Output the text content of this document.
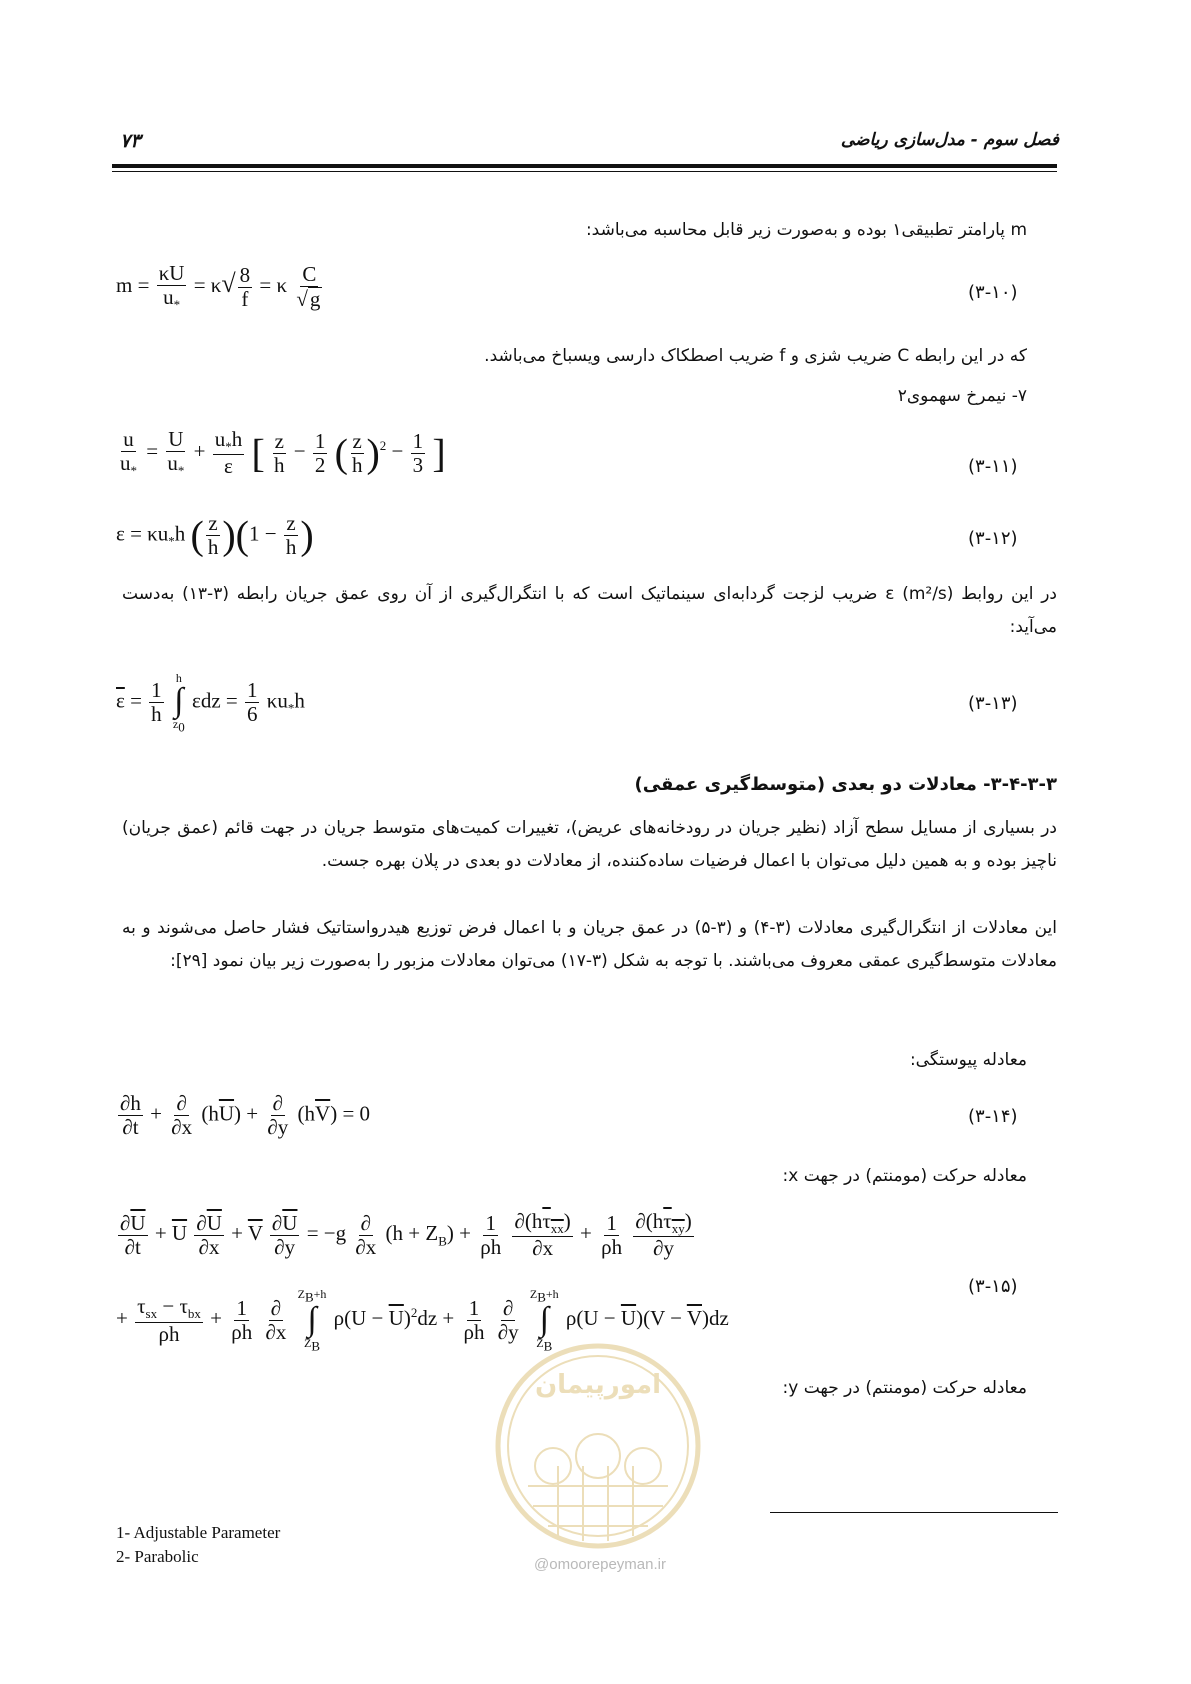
۷۳	فصل سوم - مدل‌سازی ریاضی
m پارامتر تطبیقی۱ بوده و به‌صورت زیر قابل محاسبه می‌باشد:
$m = \frac{\kappa U}{u_*} = \kappa√ \frac{8}{f} = \kappa \frac{C}{√g}$	(۳-۱۰)
که در این رابطه C ضریب شزی و f ضریب اصطکاک دارسی ویسباخ می‌باشد.
۷- نیمرخ سهموی۲
$\frac{u}{u_*} = \frac{U}{u_*} + \frac{u_*h}{\varepsilon}$ [ $\frac{z}{h} - \frac{1}{2}$ ( $\frac{z}{h} )^2 - \frac{1}{3}$ ]	(۳-۱۱)
$\varepsilon = \kappa u_*h$ ( $\frac{z}{h} )(1 - \frac{z}{h}$ )	(۳-۱۲)
در این روابط ε (m²/s) ضریب لزجت گردابه‌ای سینماتیک است که با انتگرال‌گیری از آن روی عمق جریان رابطه (۳-۱۳) به‌دست می‌آید:
$\overline{\varepsilon} = \frac{1}{h}$

h
∫
$z_0$
$\varepsilon dz = \frac{1}{6} \kappa u_*h$	(۳-۱۳)
۳-۴-۳-۳- معادلات دو بعدی (متوسط‌گیری عمقی)
در بسیاری از مسایل سطح آزاد (نظیر جریان در رودخانه‌های عریض)، تغییرات کمیت‌های متوسط جریان در جهت قائم (عمق جریان) ناچیز بوده و به همین دلیل می‌توان با اعمال فرضیات ساده‌کننده، از معادلات دو بعدی در پلان بهره جست.
این معادلات از انتگرال‌گیری معادلات (۳-۴) و (۳-۵) در عمق جریان و با اعمال فرض توزیع هیدرواستاتیک فشار حاصل می‌شوند و به معادلات متوسط‌گیری عمقی معروف می‌باشند. با توجه به شکل (۳-۱۷) می‌توان معادلات مزبور را به‌صورت زیر بیان نمود [۲۹]:
معادله پیوستگی:
$\frac{\partial h}{\partial t} + \frac{\partial}{\partial x} (h\overline{U}) + \frac{\partial}{\partial y} (h\overline{V}) = 0$	(۳-۱۴)
معادله حرکت (مومنتم) در جهت x:
$\frac{\partial\overline{U}}{\partial t} + \overline{U} \frac{\partial\overline{U}}{\partial x} + \overline{V} \frac{\partial\overline{U}}{\partial y} = -g \frac{\partial}{\partial x} (h + Z_B) + \frac{1}{\rho h}$
$\frac{\partial(h\tau_{xx})}{\partial x} + \frac{1}{\rho h}$
$\frac{\partial(h\tau_{xy})}{\partial y}$
+ $\frac{\tau_{sx} - \tau_{bx}}{\rho h} + \frac{1}{\rho h}$
$\frac{\partial}{\partial x}$

$Z_B+h$
∫
$Z_B$
$\rho(U - \overline{U})^2dz + \frac{1}{\rho h}$
$\frac{\partial}{\partial y}$

$Z_B+h$
∫
$Z_B$
$\rho(U - \overline{U})(V - \overline{V})dz$
(۳-۱۵)
معادله حرکت (مومنتم) در جهت y:
امورپیمان
@omoorepeyman.ir
1- Adjustable Parameter
2- Parabolic
